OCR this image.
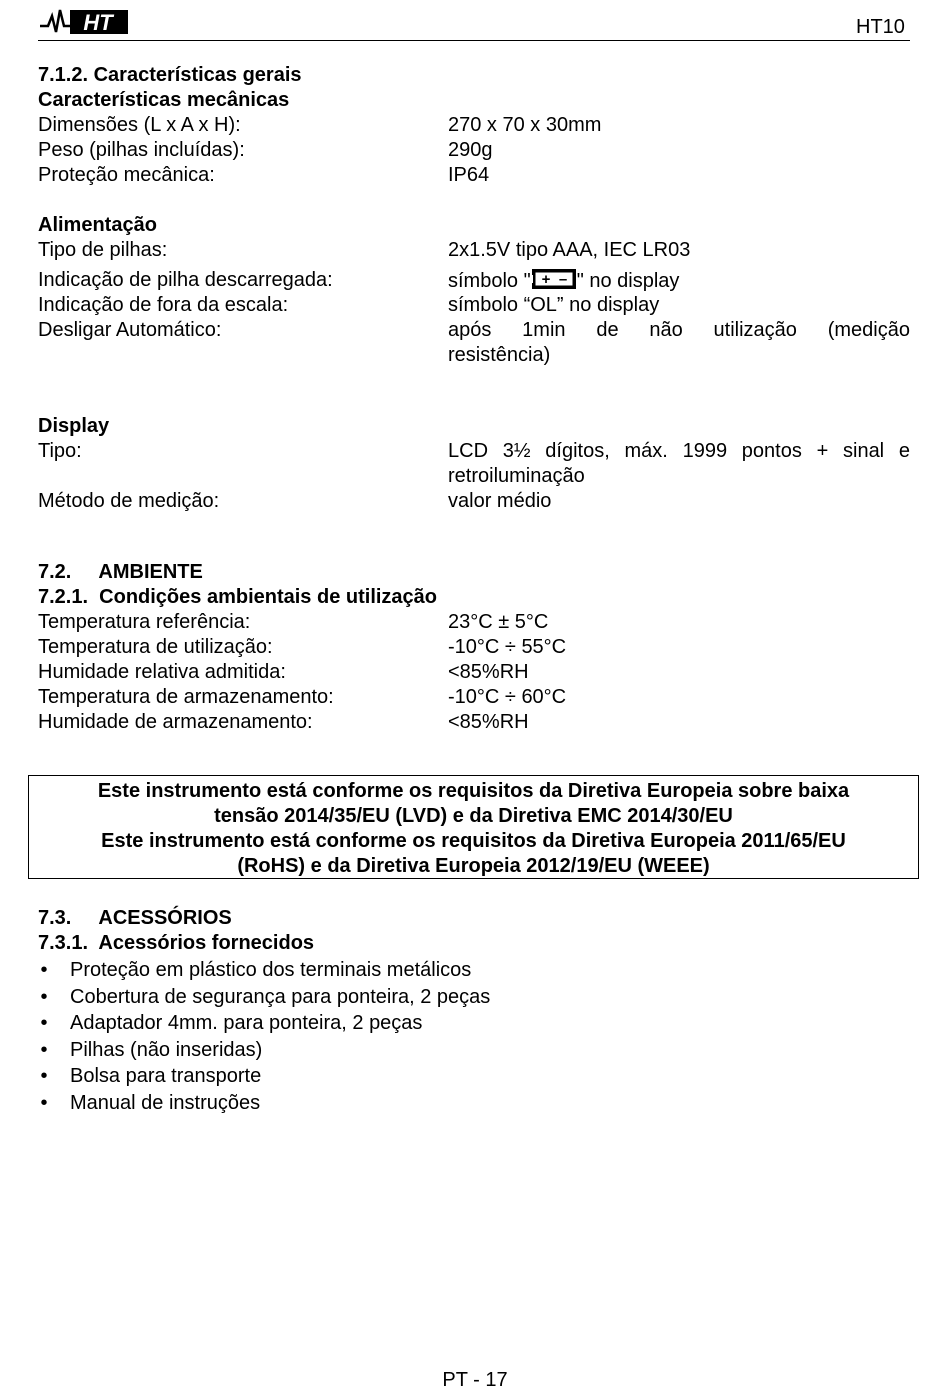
HT	HT10
7.1.2. Características gerais
Características mecânicas
Dimensões (L x A x H):	270 x 70 x 30mm
Peso (pilhas incluídas):	290g
Proteção mecânica:	IP64
Alimentação
Tipo de pilhas:	2x1.5V tipo AAA, IEC LR03
Indicação de pilha descarregada:	símbolo " + – " no display
Indicação de fora da escala:	símbolo “OL” no display
Desligar Automático:	após 1min de não utilização (medição
resistência)
Display
Tipo:	LCD 3½ dígitos, máx. 1999 pontos + sinal e
retroiluminação
Método de medição:	valor médio
7.2.     AMBIENTE
7.2.1.  Condições ambientais de utilização
Temperatura referência:	23°C ± 5°C
Temperatura de utilização:	-10°C ÷ 55°C
Humidade relativa admitida:	<85%RH
Temperatura de armazenamento:	-10°C ÷ 60°C
Humidade de armazenamento:	<85%RH
Este instrumento está conforme os requisitos da Diretiva Europeia sobre baixa
tensão 2014/35/EU (LVD) e da Diretiva EMC 2014/30/EU
Este instrumento está conforme os requisitos da Diretiva Europeia 2011/65/EU
(RoHS) e da Diretiva Europeia 2012/19/EU (WEEE)
7.3.     ACESSÓRIOS
7.3.1.  Acessórios fornecidos
• Proteção em plástico dos terminais metálicos
• Cobertura de segurança para ponteira, 2 peças
• Adaptador 4mm. para ponteira, 2 peças
• Pilhas (não inseridas)
• Bolsa para transporte
• Manual de instruções
PT - 17
